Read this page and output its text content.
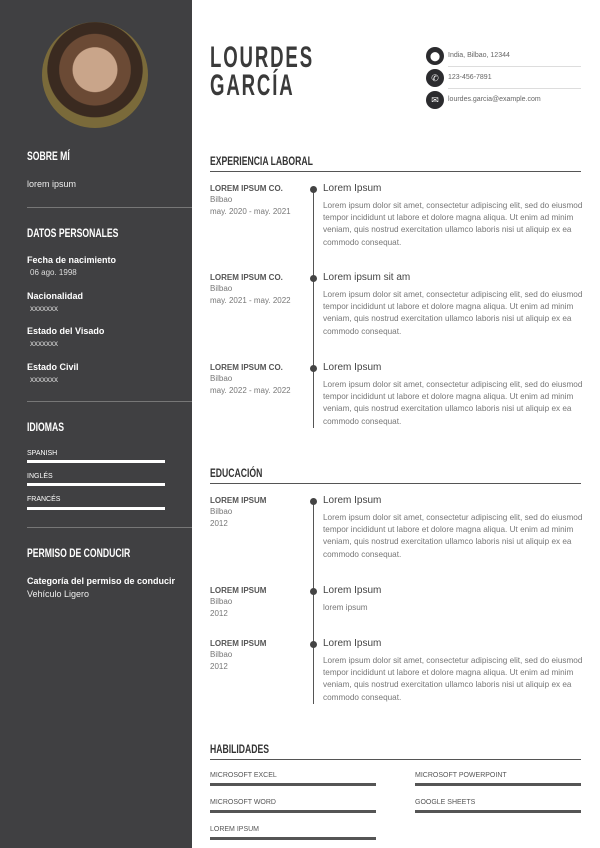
SOBRE MÍ
lorem ipsum
DATOS PERSONALES
Fecha de nacimiento
06 ago. 1998
Nacionalidad
xxxxxxx
Estado del Visado
xxxxxxx
Estado Civil
xxxxxxx
IDIOMAS
SPANISH
INGLÉS
FRANCÉS
PERMISO DE CONDUCIR
Categoría del permiso de conducir
Vehículo Ligero
LOURDES
GARCÍA
⬤	India, Bilbao, 12344
✆	123-456-7891
✉	lourdes.garcia@example.com
EXPERIENCIA LABORAL
LOREM IPSUM CO.
Bilbao
may. 2020 - may. 2021
Lorem Ipsum
Lorem ipsum dolor sit amet, consectetur adipiscing elit, sed do eiusmod tempor incididunt ut labore et dolore magna aliqua. Ut enim ad minim veniam, quis nostrud exercitation ullamco laboris nisi ut aliquip ex ea commodo consequat.
LOREM IPSUM CO.
Bilbao
may. 2021 - may. 2022
Lorem ipsum sit am
Lorem ipsum dolor sit amet, consectetur adipiscing elit, sed do eiusmod tempor incididunt ut labore et dolore magna aliqua. Ut enim ad minim veniam, quis nostrud exercitation ullamco laboris nisi ut aliquip ex ea commodo consequat.
LOREM IPSUM CO.
Bilbao
may. 2022 - may. 2022
Lorem Ipsum
Lorem ipsum dolor sit amet, consectetur adipiscing elit, sed do eiusmod tempor incididunt ut labore et dolore magna aliqua. Ut enim ad minim veniam, quis nostrud exercitation ullamco laboris nisi ut aliquip ex ea commodo consequat.
EDUCACIÓN
LOREM IPSUM
Bilbao
2012
Lorem Ipsum
Lorem ipsum dolor sit amet, consectetur adipiscing elit, sed do eiusmod tempor incididunt ut labore et dolore magna aliqua. Ut enim ad minim veniam, quis nostrud exercitation ullamco laboris nisi ut aliquip ex ea commodo consequat.
LOREM IPSUM
Bilbao
2012
Lorem Ipsum
lorem ipsum
LOREM IPSUM
Bilbao
2012
Lorem Ipsum
Lorem ipsum dolor sit amet, consectetur adipiscing elit, sed do eiusmod tempor incididunt ut labore et dolore magna aliqua. Ut enim ad minim veniam, quis nostrud exercitation ullamco laboris nisi ut aliquip ex ea commodo consequat.
HABILIDADES
MICROSOFT EXCEL	MICROSOFT POWERPOINT
MICROSOFT WORD	GOOGLE SHEETS
LOREM IPSUM
